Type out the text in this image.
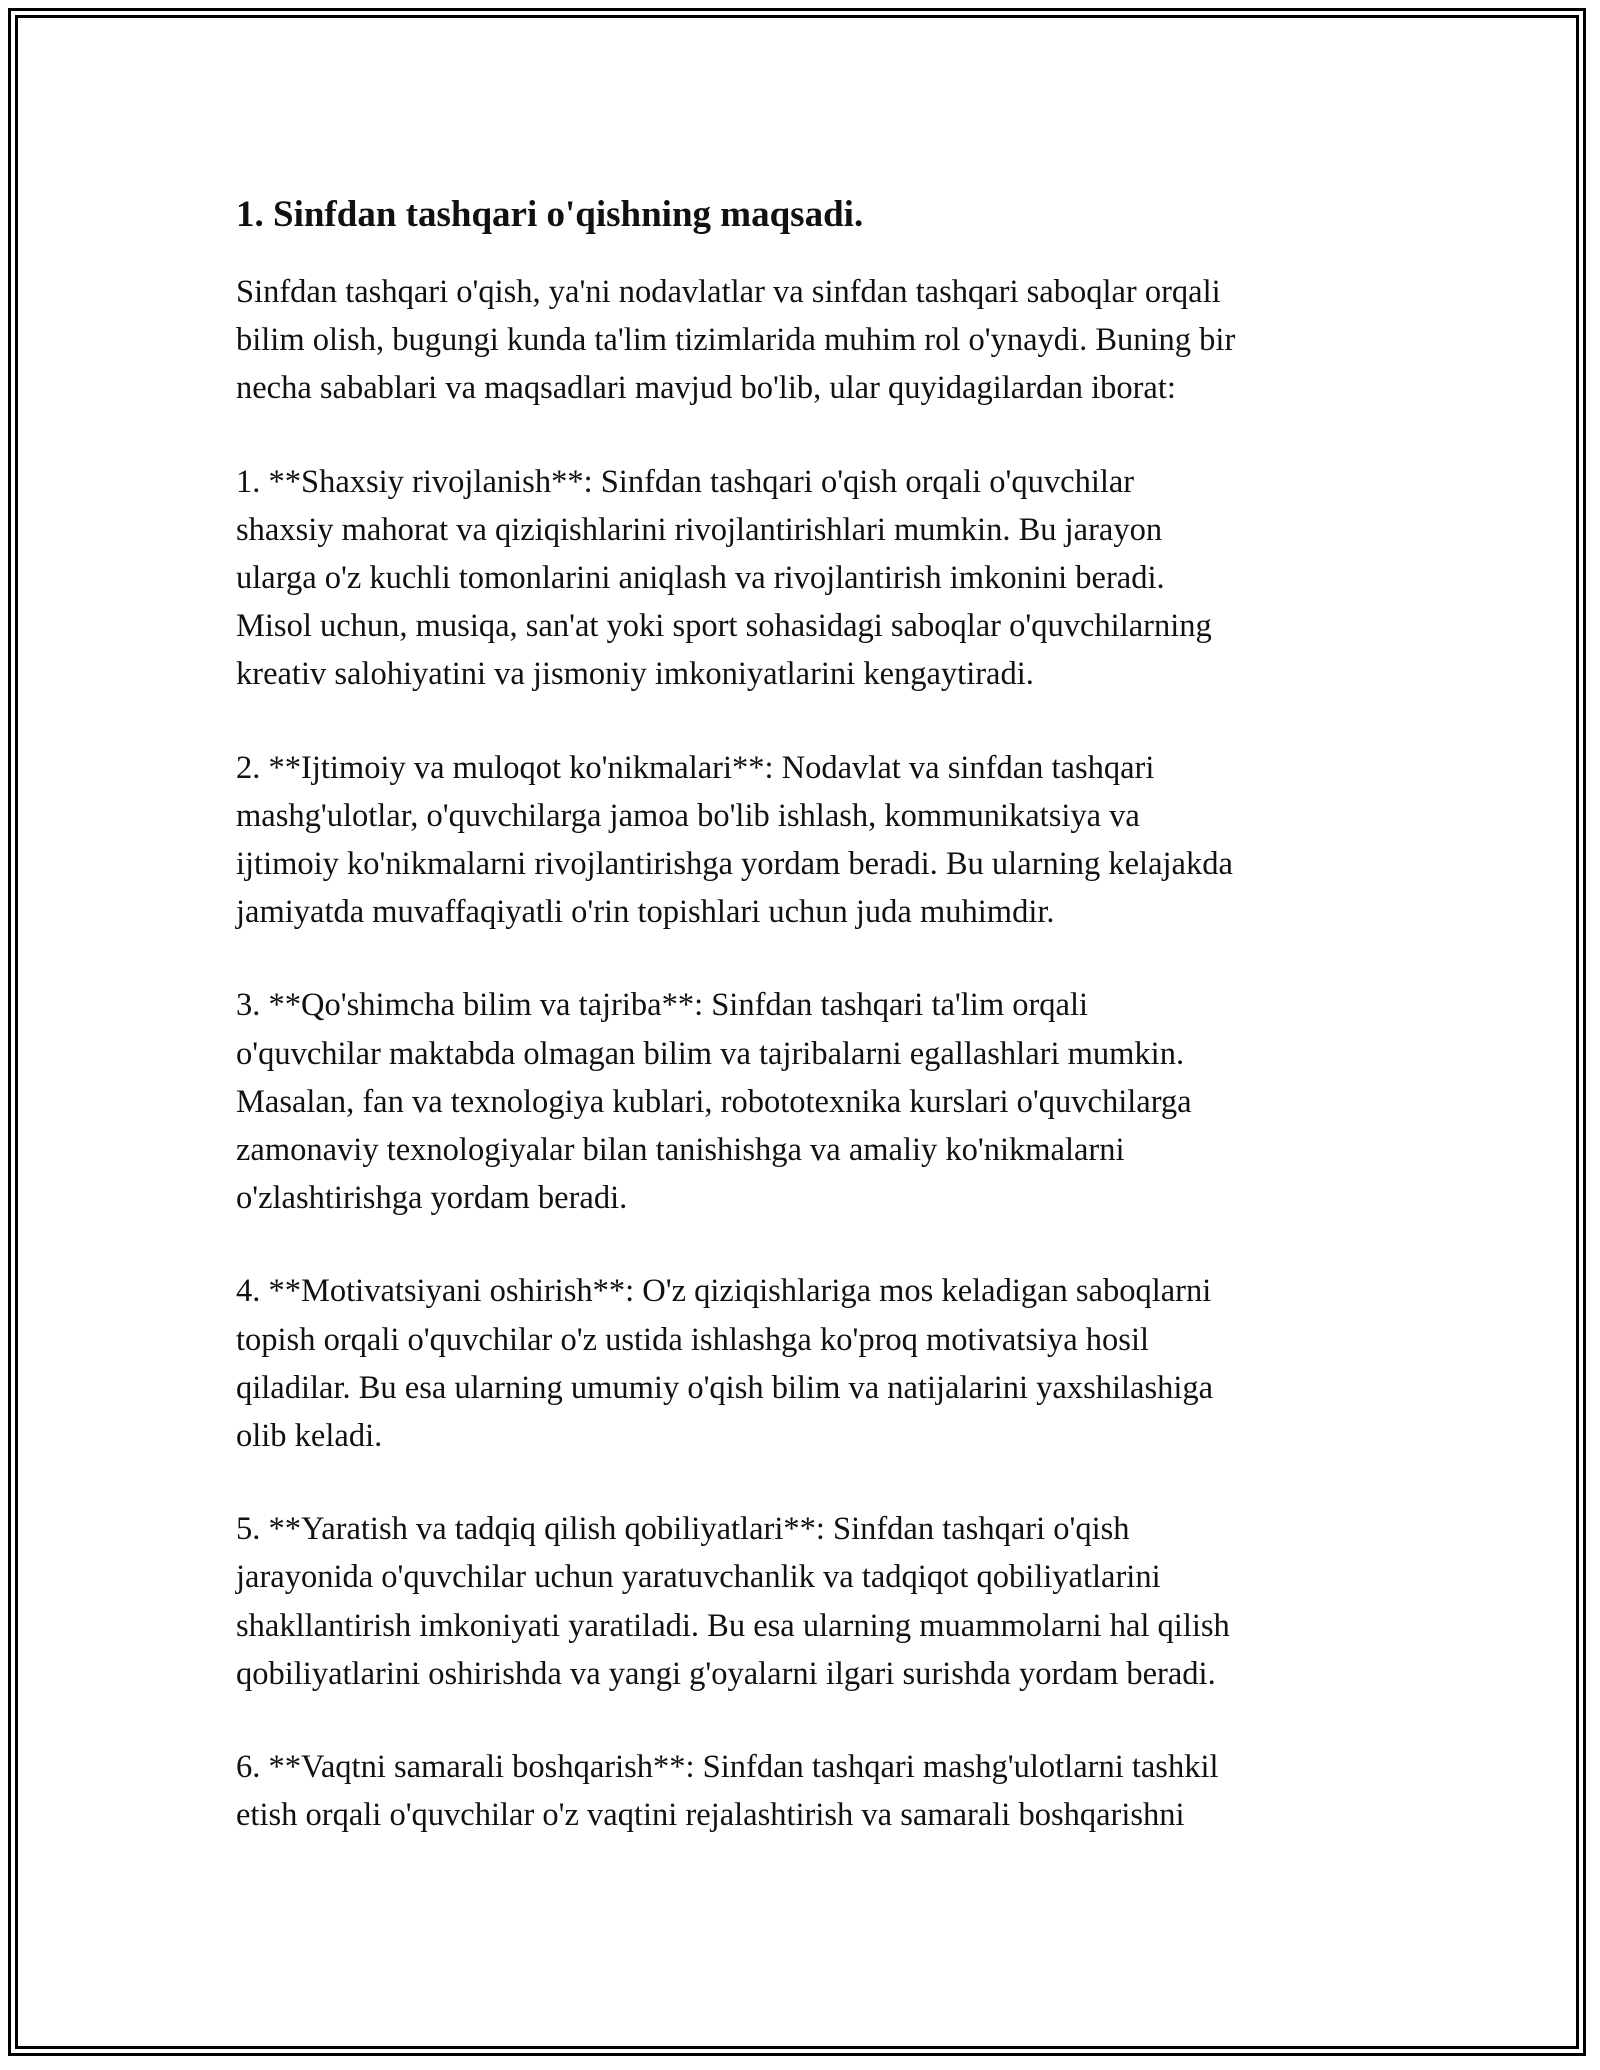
1. Sinfdan tashqari o'qishning maqsadi.

Sinfdan tashqari o'qish, ya'ni nodavlatlar va sinfdan tashqari saboqlar orqali
bilim olish, bugungi kunda ta'lim tizimlarida muhim rol o'ynaydi. Buning bir
necha sabablari va maqsadlari mavjud bo'lib, ular quyidagilardan iborat:

1. **Shaxsiy rivojlanish**: Sinfdan tashqari o'qish orqali o'quvchilar
shaxsiy mahorat va qiziqishlarini rivojlantirishlari mumkin. Bu jarayon
ularga o'z kuchli tomonlarini aniqlash va rivojlantirish imkonini beradi.
Misol uchun, musiqa, san'at yoki sport sohasidagi saboqlar o'quvchilarning
kreativ salohiyatini va jismoniy imkoniyatlarini kengaytiradi.

2. **Ijtimoiy va muloqot ko'nikmalari**: Nodavlat va sinfdan tashqari
mashg'ulotlar, o'quvchilarga jamoa bo'lib ishlash, kommunikatsiya va
ijtimoiy ko'nikmalarni rivojlantirishga yordam beradi. Bu ularning kelajakda
jamiyatda muvaffaqiyatli o'rin topishlari uchun juda muhimdir.

3. **Qo'shimcha bilim va tajriba**: Sinfdan tashqari ta'lim orqali
o'quvchilar maktabda olmagan bilim va tajribalarni egallashlari mumkin.
Masalan, fan va texnologiya kublari, robototexnika kurslari o'quvchilarga
zamonaviy texnologiyalar bilan tanishishga va amaliy ko'nikmalarni
o'zlashtirishga yordam beradi.

4. **Motivatsiyani oshirish**: O'z qiziqishlariga mos keladigan saboqlarni
topish orqali o'quvchilar o'z ustida ishlashga ko'proq motivatsiya hosil
qiladilar. Bu esa ularning umumiy o'qish bilim va natijalarini yaxshilashiga
olib keladi.

5. **Yaratish va tadqiq qilish qobiliyatlari**: Sinfdan tashqari o'qish
jarayonida o'quvchilar uchun yaratuvchanlik va tadqiqot qobiliyatlarini
shakllantirish imkoniyati yaratiladi. Bu esa ularning muammolarni hal qilish
qobiliyatlarini oshirishda va yangi g'oyalarni ilgari surishda yordam beradi.

6. **Vaqtni samarali boshqarish**: Sinfdan tashqari mashg'ulotlarni tashkil
etish orqali o'quvchilar o'z vaqtini rejalashtirish va samarali boshqarishni
